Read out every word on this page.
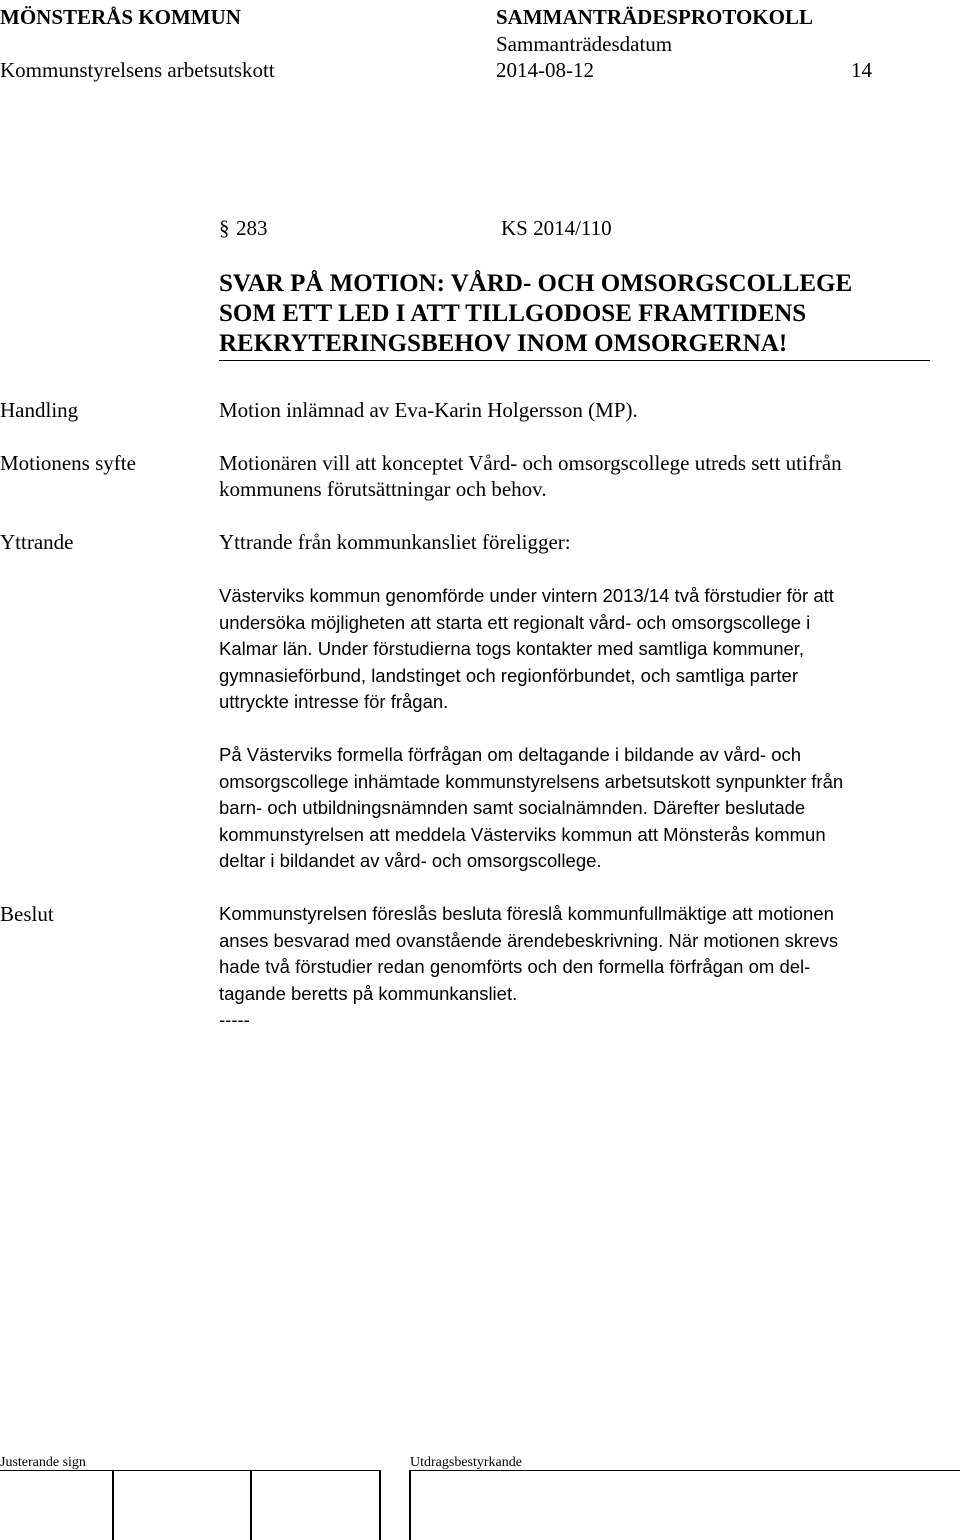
MÖNSTERÅS KOMMUN	SAMMANTRÄDESPROTOKOLL
Sammanträdesdatum
Kommunstyrelsens arbetsutskott	2014-08-12	14
§ 283	KS 2014/110
SVAR PÅ MOTION: VÅRD- OCH OMSORGSCOLLEGE
SOM ETT LED I ATT TILLGODOSE FRAMTIDENS
REKRYTERINGSBEHOV INOM OMSORGERNA!
Handling	Motion inlämnad av Eva-Karin Holgersson (MP).
Motionens syfte	Motionären vill att konceptet Vård- och omsorgscollege utreds sett utifrån
kommunens förutsättningar och behov.
Yttrande	Yttrande från kommunkansliet föreligger:
Västerviks kommun genomförde under vintern 2013/14 två förstudier för att
undersöka möjligheten att starta ett regionalt vård- och omsorgscollege i
Kalmar län. Under förstudierna togs kontakter med samtliga kommuner,
gymnasieförbund, landstinget och regionförbundet, och samtliga parter
uttryckte intresse för frågan.
På Västerviks formella förfrågan om deltagande i bildande av vård- och
omsorgscollege inhämtade kommunstyrelsens arbetsutskott synpunkter från
barn- och utbildningsnämnden samt socialnämnden. Därefter beslutade
kommunstyrelsen att meddela Västerviks kommun att Mönsterås kommun
deltar i bildandet av vård- och omsorgscollege.
Beslut	Kommunstyrelsen föreslås besluta föreslå kommunfullmäktige att motionen
anses besvarad med ovanstående ärendebeskrivning. När motionen skrevs
hade två förstudier redan genomförts och den formella förfrågan om del-
tagande beretts på kommunkansliet.
-----
Justerande sign	Utdragsbestyrkande
